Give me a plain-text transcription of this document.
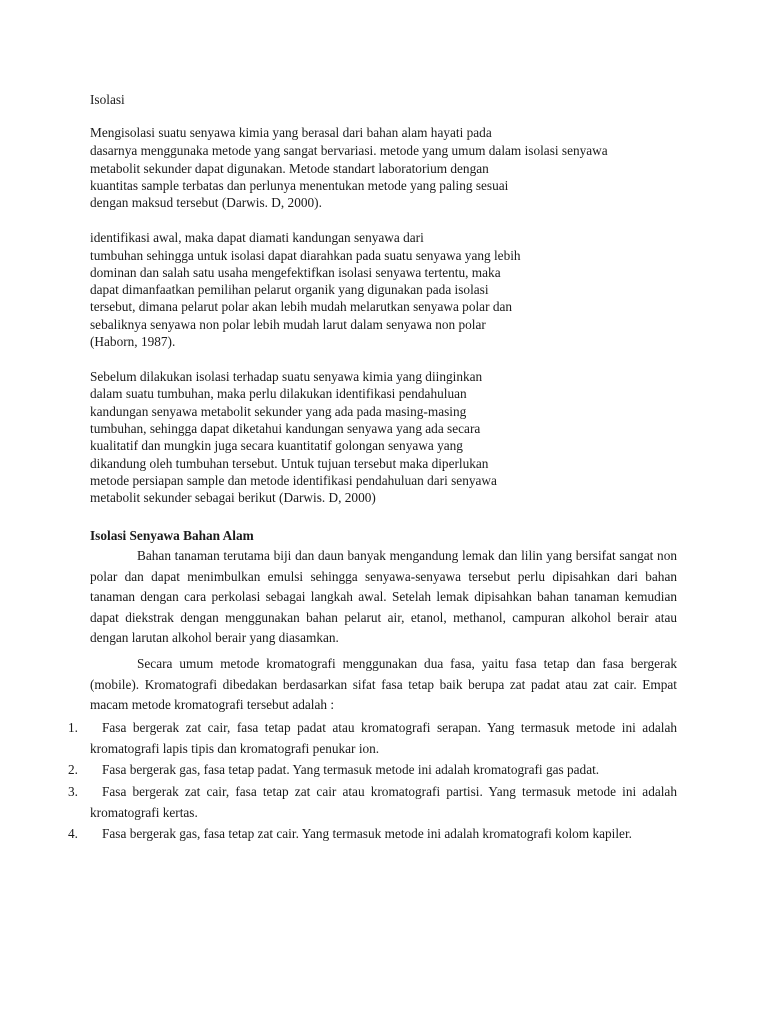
Isolasi
Mengisolasi suatu senyawa kimia yang berasal dari bahan alam hayati pada
dasarnya menggunaka metode yang sangat bervariasi. metode yang umum dalam isolasi senyawa
metabolit sekunder dapat digunakan. Metode standart laboratorium dengan
kuantitas sample terbatas dan perlunya menentukan metode yang paling sesuai
dengan maksud tersebut (Darwis. D, 2000).
identifikasi awal, maka dapat diamati kandungan senyawa dari
tumbuhan sehingga untuk isolasi dapat diarahkan pada suatu senyawa yang lebih
dominan dan salah satu usaha mengefektifkan isolasi senyawa tertentu, maka
dapat dimanfaatkan pemilihan pelarut organik yang digunakan pada isolasi
tersebut, dimana pelarut polar akan lebih mudah melarutkan senyawa polar dan
sebaliknya senyawa non polar lebih mudah larut dalam senyawa non polar
(Haborn, 1987).
Sebelum dilakukan isolasi terhadap suatu senyawa kimia yang diinginkan
dalam suatu tumbuhan, maka perlu dilakukan identifikasi pendahuluan
kandungan senyawa metabolit sekunder yang ada pada masing-masing
tumbuhan, sehingga dapat diketahui kandungan senyawa yang ada secara
kualitatif dan mungkin juga secara kuantitatif golongan senyawa yang
dikandung oleh tumbuhan tersebut. Untuk tujuan tersebut maka diperlukan
metode persiapan sample dan metode identifikasi pendahuluan dari senyawa
metabolit sekunder sebagai berikut (Darwis. D, 2000)
Isolasi Senyawa Bahan Alam
Bahan tanaman terutama biji dan daun banyak mengandung lemak dan lilin yang bersifat sangat non polar dan dapat menimbulkan emulsi sehingga senyawa-senyawa tersebut perlu dipisahkan dari bahan tanaman dengan cara perkolasi sebagai langkah awal. Setelah lemak dipisahkan bahan tanaman kemudian dapat diekstrak dengan menggunakan bahan pelarut air, etanol, methanol, campuran alkohol berair atau dengan larutan alkohol berair yang diasamkan.
Secara umum metode kromatografi menggunakan dua fasa, yaitu fasa tetap dan fasa bergerak (mobile). Kromatografi dibedakan berdasarkan sifat fasa tetap baik berupa zat padat atau zat cair. Empat macam metode kromatografi tersebut adalah :
1.	Fasa bergerak zat cair, fasa tetap padat atau kromatografi serapan. Yang termasuk metode ini adalah kromatografi lapis tipis dan kromatografi penukar ion.
2.	Fasa bergerak gas, fasa tetap padat. Yang termasuk metode ini adalah kromatografi gas padat.
3.	Fasa bergerak zat cair, fasa tetap zat cair atau kromatografi partisi. Yang termasuk metode ini adalah kromatografi kertas.
4.	Fasa bergerak gas, fasa tetap zat cair. Yang termasuk metode ini adalah kromatografi kolom kapiler.
